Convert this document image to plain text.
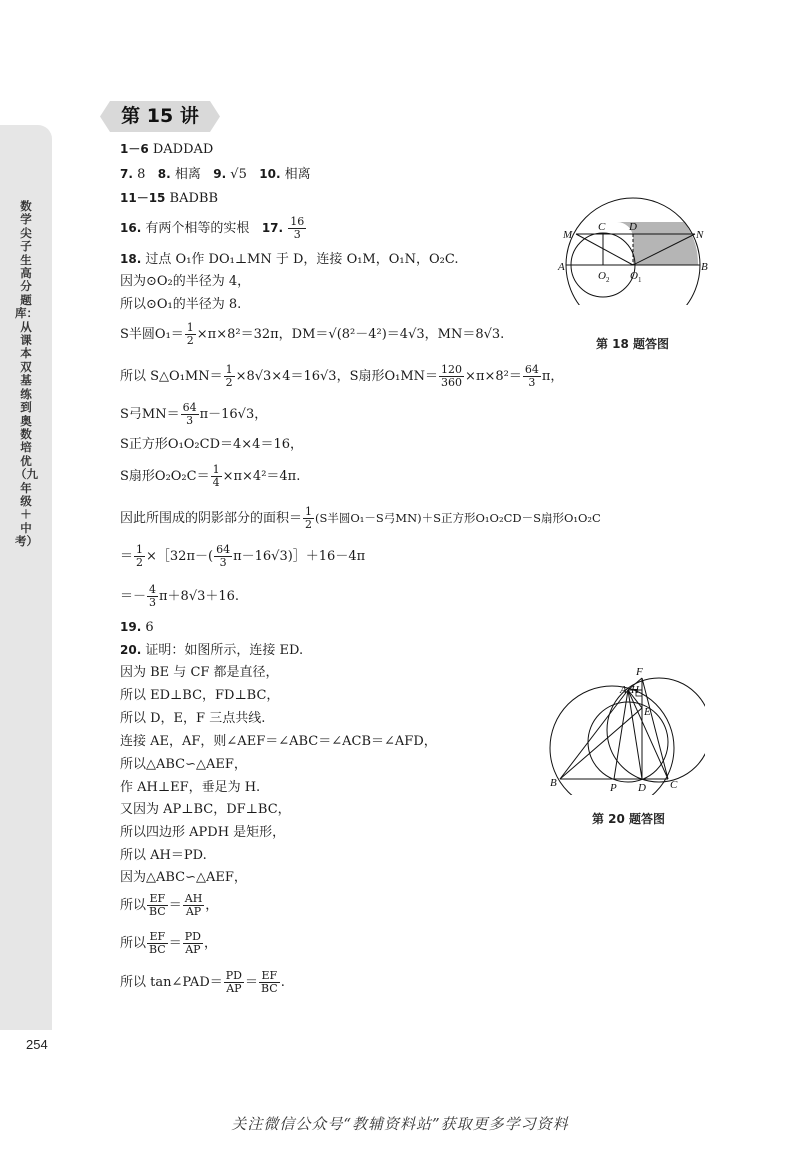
数学尖子生高分题库：从课本双基练到奥数培优（九年级＋中考）
第 15 讲
1－6 DADDAD
7. 8 8. 相离 9. √5 10. 相离
11－15 BADBB
16. 有两个相等的实根 17. $\frac{16}{3}$
18. 过点 O₁作 DO₁⊥MN 于 D，连接 O₁M，O₁N，O₂C.
因为⊙O₂的半径为 4，
所以⊙O₁的半径为 8.
S半圆$O_1= \frac{1}{2} \times\pi\times 8^2=32\pi$，DM＝√(8²－4²)＝4√3，MN＝8√3.
所以 S△O₁MN＝ $\frac{1}{2} \times 8√3\times 4=16√3$，S扇形$O_1MN= \frac{120}{360} \times\pi\times 8^2= \frac{64}{3}$ π，
S弓$MN= \frac{64}{3} \pi-16√3$，
S正方形O₁O₂CD＝4×4＝16，
S扇形$O_2O_2C= \frac{1}{4} \times\pi\times 4^2=4\pi$.
因此所围成的阴影部分的面积＝ $\frac{1}{2} (S$半圆O₁－S弓MN)＋S正方形O₁O₂CD－S扇形O₁O₂C
＝ $\frac{1}{2}$ ×［32π－( $\frac{64}{3}$ π－16√3)］＋16－4π
＝－ $\frac{4}{3} \pi+8√3+16$.
19. 6
20. 证明：如图所示，连接 ED.
因为 BE 与 CF 都是直径，
所以 ED⊥BC，FD⊥BC，
所以 D，E，F 三点共线.
连接 AE，AF，则∠AEF＝∠ABC＝∠ACB＝∠AFD，
所以△ABC∽△AEF，
作 AH⊥EF，垂足为 H.
又因为 AP⊥BC，DF⊥BC，
所以四边形 APDH 是矩形，
所以 AH＝PD.
因为△ABC∽△AEF，
所以 $\frac{EF}{BC} = \frac{AH}{AP}$ ，
所以 $\frac{EF}{BC} = \frac{PD}{AP}$ ，
所以 tan∠PAD＝ $\frac{PD}{AP} = \frac{EF}{BC}$ .
M
C D
N
A	B
O 2 O 1
第 18 题答图
F
A H
E
B	P D C
第 20 题答图
254
关注微信公众号“教辅资料站”获取更多学习资料
